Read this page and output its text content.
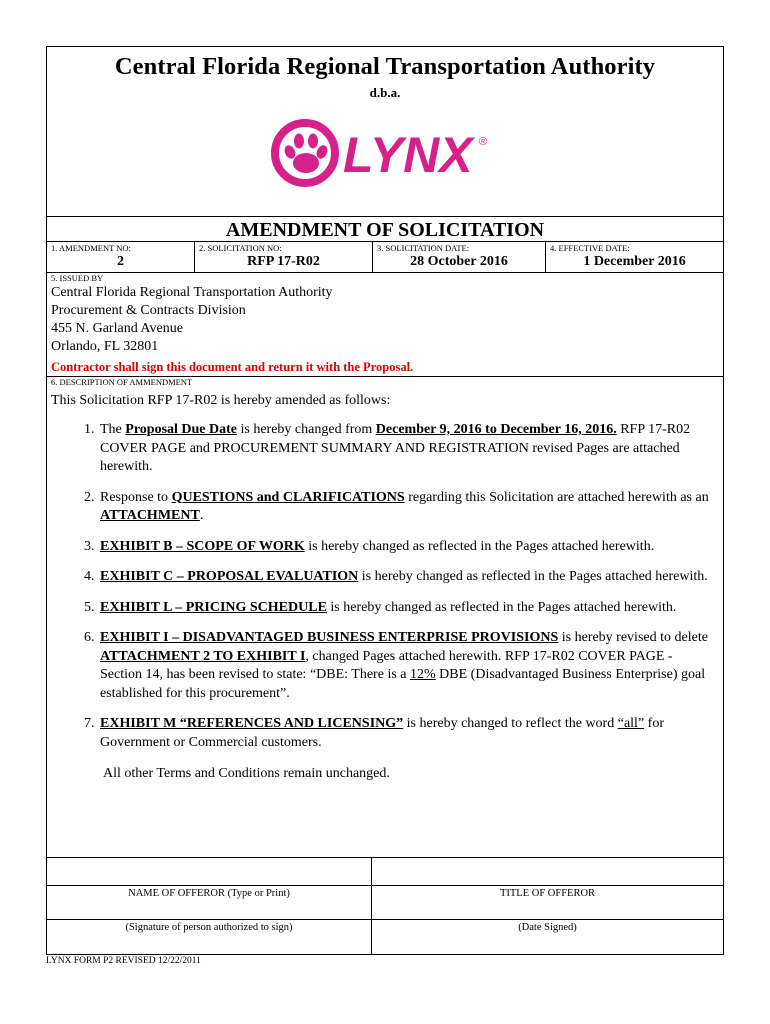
Central Florida Regional Transportation Authority
d.b.a.
LYNX ®
AMENDMENT OF SOLICITATION
1. AMENDMENT NO:
2
2. SOLICITATION NO:
RFP 17-R02
3. SOLICITATION DATE:
28 October 2016
4. EFFECTIVE DATE:
1 December 2016
5. ISSUED BY
Central Florida Regional Transportation Authority
Procurement & Contracts Division
455 N. Garland Avenue
Orlando, FL 32801
Contractor shall sign this document and return it with the Proposal.
6. DESCRIPTION OF AMMENDMENT
This Solicitation RFP 17-R02 is hereby amended as follows:
1. The Proposal Due Date is hereby changed from December 9, 2016 to December 16, 2016. RFP 17-R02 COVER PAGE and PROCUREMENT SUMMARY AND REGISTRATION revised Pages are attached herewith.
2. Response to QUESTIONS and CLARIFICATIONS regarding this Solicitation are attached herewith as an ATTACHMENT.
3. EXHIBIT B – SCOPE OF WORK is hereby changed as reflected in the Pages attached herewith.
4. EXHIBIT C – PROPOSAL EVALUATION is hereby changed as reflected in the Pages attached herewith.
5. EXHIBIT L – PRICING SCHEDULE is hereby changed as reflected in the Pages attached herewith.
6. EXHIBIT I – DISADVANTAGED BUSINESS ENTERPRISE PROVISIONS is hereby revised to delete ATTACHMENT 2 TO EXHIBIT I, changed Pages attached herewith. RFP 17-R02 COVER PAGE - Section 14, has been revised to state: “DBE: There is a 12% DBE (Disadvantaged Business Enterprise) goal established for this procurement”.
7. EXHIBIT M “REFERENCES AND LICENSING” is hereby changed to reflect the word “all” for Government or Commercial customers.
All other Terms and Conditions remain unchanged.
NAME OF OFFEROR (Type or Print)	TITLE OF OFFEROR
(Signature of person authorized to sign)	(Date Signed)
LYNX FORM P2 REVISED 12/22/2011
